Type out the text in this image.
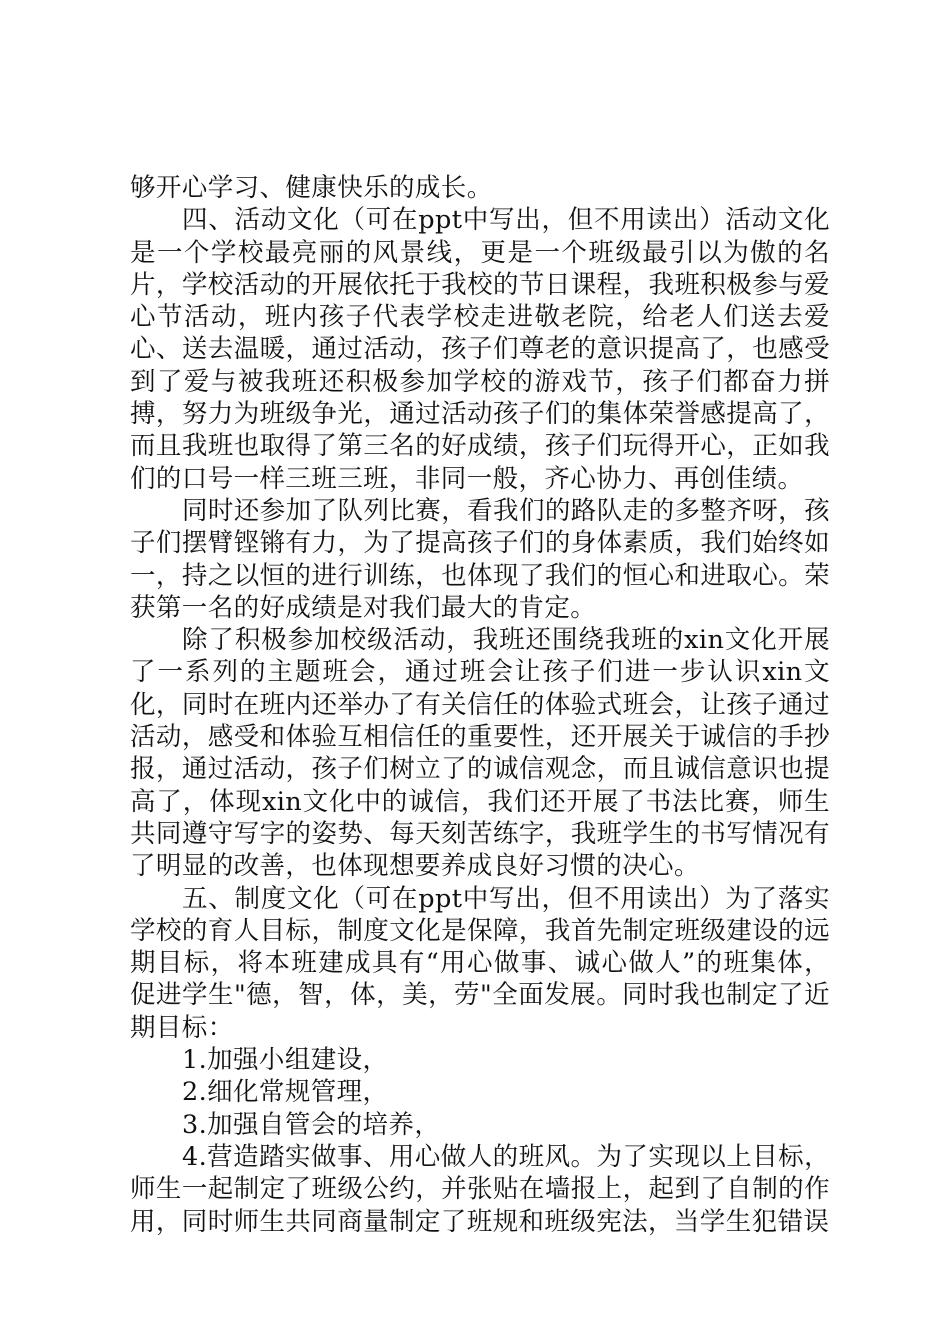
够开心学习、健康快乐的成长。

四、活动文化（可在ppt中写出，但不用读出）活动文化是一个学校最亮丽的风景线，更是一个班级最引以为傲的名片，学校活动的开展依托于我校的节日课程，我班积极参与爱心节活动，班内孩子代表学校走进敬老院，给老人们送去爱心、送去温暖，通过活动，孩子们尊老的意识提高了，也感受到了爱与被我班还积极参加学校的游戏节，孩子们都奋力拼搏，努力为班级争光，通过活动孩子们的集体荣誉感提高了，而且我班也取得了第三名的好成绩，孩子们玩得开心，正如我们的口号一样三班三班，非同一般，齐心协力、再创佳绩。

同时还参加了队列比赛，看我们的路队走的多整齐呀，孩子们摆臂铿锵有力，为了提高孩子们的身体素质，我们始终如一，持之以恒的进行训练，也体现了我们的恒心和进取心。荣获第一名的好成绩是对我们最大的肯定。

除了积极参加校级活动，我班还围绕我班的xin文化开展了一系列的主题班会，通过班会让孩子们进一步认识xin文化，同时在班内还举办了有关信任的体验式班会，让孩子通过活动，感受和体验互相信任的重要性，还开展关于诚信的手抄报，通过活动，孩子们树立了的诚信观念，而且诚信意识也提高了，体现xin文化中的诚信，我们还开展了书法比赛，师生共同遵守写字的姿势、每天刻苦练字，我班学生的书写情况有了明显的改善，也体现想要养成良好习惯的决心。

五、制度文化（可在ppt中写出，但不用读出）为了落实学校的育人目标，制度文化是保障，我首先制定班级建设的远期目标，将本班建成具有“用心做事、诚心做人”的班集体，促进学生"德，智，体，美，劳"全面发展。同时我也制定了近期目标：

1.加强小组建设，

2.细化常规管理，

3.加强自管会的培养，

4.营造踏实做事、用心做人的班风。为了实现以上目标，师生一起制定了班级公约，并张贴在墙报上，起到了自制的作用，同时师生共同商量制定了班规和班级宪法，当学生犯错误
